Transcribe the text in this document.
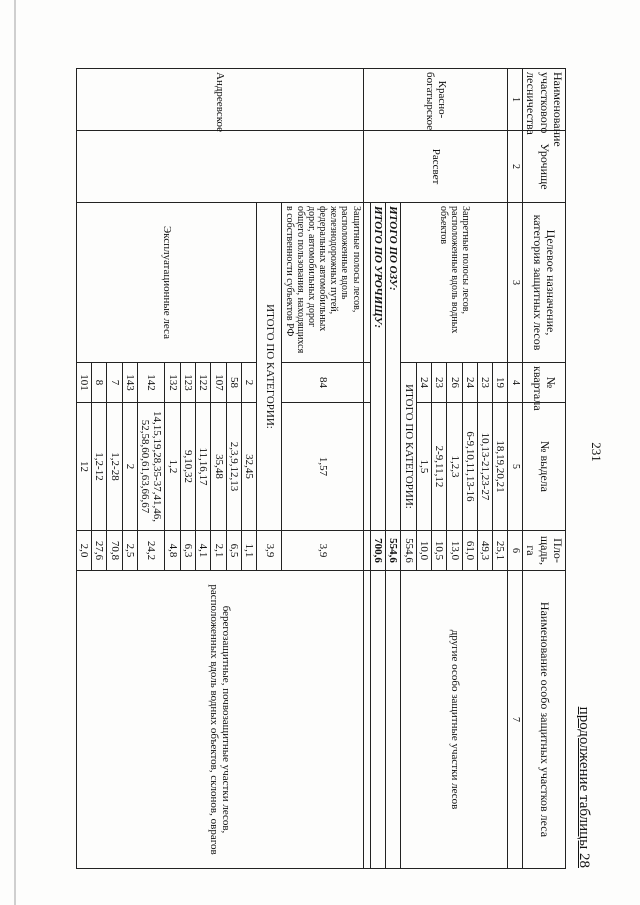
231
продолжение таблицы 28
Наименование участкового лесничества	Урочище	Целевое назначение, категория защитных лесов	№ квартала	№ выдела	Пло-щадь, га	Наименование особо защитных участков леса
1	2	3	4	5	6	7
Красно-богатырское	Рассвет	Запретные полосы лесов, расположенные вдоль водных объектов	19	18,19,20,21	25,1	другие особо защитные участки лесов
			23	10,13-21,23-27	49,3	
			24	6-9,10,11,13-16	61,0	
			26	1,2,3	13,0	
			23	2-9,11,12	10,5	
			24	1,5	10,0	
			ИТОГО ПО КАТЕГОРИИ:		554,6	
		ИТОГО ПО ОЗУ:			554,6	
		ИТОГО ПО УРОЧИЩУ:			700,6	

Андреевское		Защитные полосы лесов, расположенные вдоль железнодорожных путей, федеральных автомобильных дорог, автомобильных дорог общего пользования, находящихся в собственности субъектов РФ	84	1,57	3,9	берегозащитные, почвозащитные участки лесов, расположенных вдоль водных объектов, склонов, оврагов
		ИТОГО ПО КАТЕГОРИИ:			3,9	
		Эксплуатационные леса	2	32,45	1,1	
			58	2,3,9,12,13	6,5	
			107	35,48	2,1	
			122	11,16,17	4,1	
			123	9,10,32	6,3	
			132	1,2	4,8	
			142	14,15,19,28,35-37,41,46, 52,58,60,61,63,66,67	24,2	
			143	2	2,5	
			7	1,2-28	70,8	
			8	1,2-12	27,6	
			101	12	2,0	
